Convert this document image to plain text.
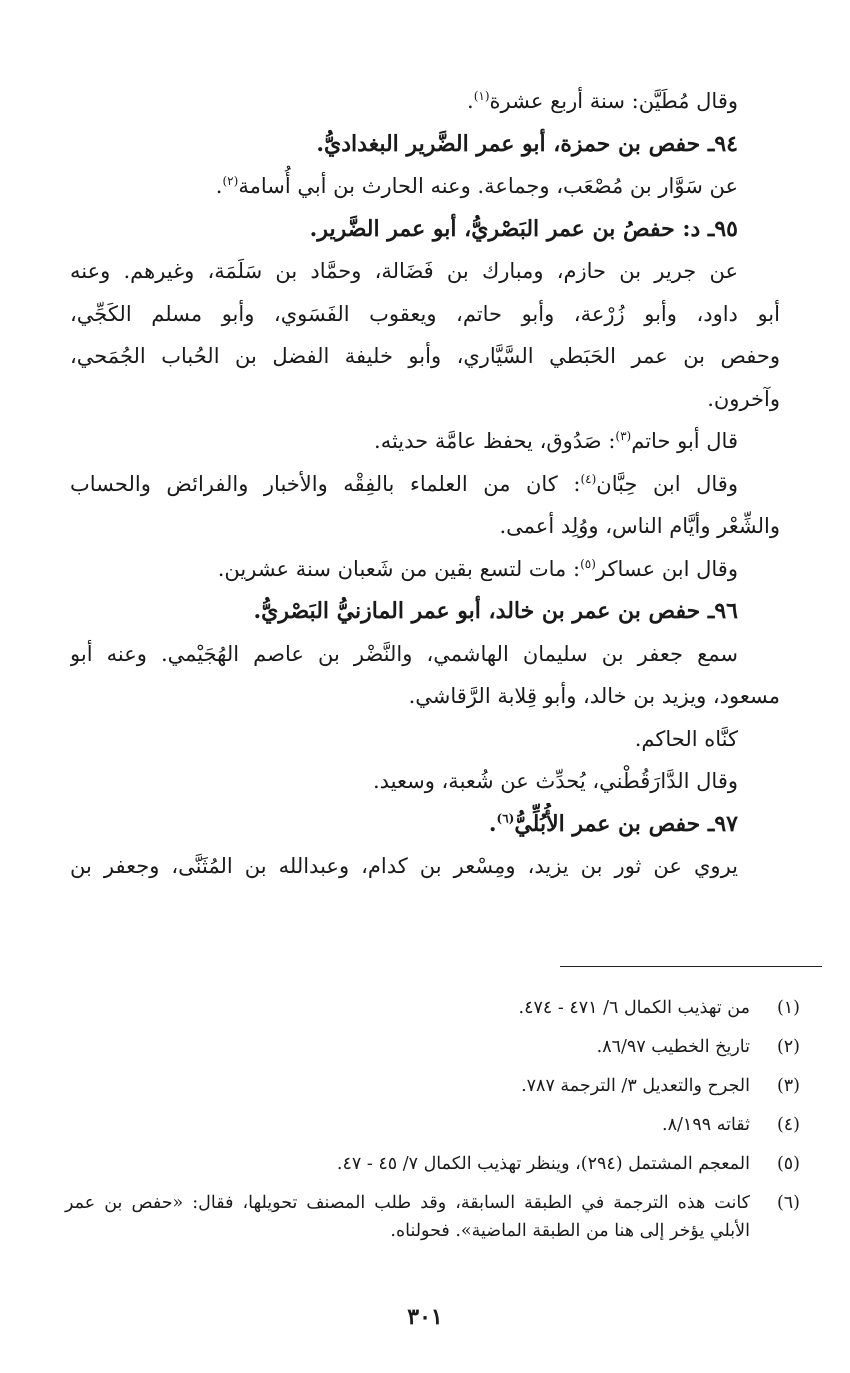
وقال مُطَيَّن: سنة أربع عشرة$^{(١)}$.
٩٤ـ حفص بن حمزة، أبو عمر الضَّرير البغداديُّ.
عن سَوَّار بن مُصْعَب، وجماعة. وعنه الحارث بن أبي أُسامة$^{(٢)}$.
٩٥ـ د: حفصُ بن عمر البَصْريُّ، أبو عمر الضَّرير.
عن جرير بن حازم، ومبارك بن فَضَالة، وحمَّاد بن سَلَمَة، وغيرهم. وعنه
أبو داود، وأبو زُرْعة، وأبو حاتم، ويعقوب الفَسَوي، وأبو مسلم الكَجِّي،
وحفص بن عمر الحَبَطي السَّيَّاري، وأبو خليفة الفضل بن الحُباب الجُمَحي،
وآخرون.
قال أبو حاتم$^{(٣)}$: صَدُوق، يحفظ عامَّة حديثه.
وقال ابن حِبَّان$^{(٤)}$: كان من العلماء بالفِقْه والأخبار والفرائض والحساب
والشِّعْر وأيَّام الناس، ووُلِد أعمى.
وقال ابن عساكر$^{(٥)}$: مات لتسع بقين من شَعبان سنة عشرين.
٩٦ـ حفص بن عمر بن خالد، أبو عمر المازنيُّ البَصْريُّ.
سمع جعفر بن سليمان الهاشمي، والنَّضْر بن عاصم الهُجَيْمي. وعنه أبو
مسعود، ويزيد بن خالد، وأبو قِلابة الرَّقاشي.
كنَّاه الحاكم.
وقال الدَّارَقُطْني، يُحدِّث عن شُعبة، وسعيد.
٩٧ـ حفص بن عمر الأُبُلِّيُّ$^{(٦)}$.
يروي عن ثور بن يزيد، ومِسْعر بن كدام، وعبدالله بن المُثَنَّى، وجعفر بن
(١)
من تهذيب الكمال ٦/ ٤٧١ - ٤٧٤.
(٢)
تاريخ الخطيب ٨٦/٩٧.
(٣)
الجرح والتعديل ٣/ الترجمة ٧٨٧.
(٤)
ثقاته ٨/١٩٩.
(٥)
المعجم المشتمل (٢٩٤)، وينظر تهذيب الكمال ٧/ ٤٥ - ٤٧.
(٦)
كانت هذه الترجمة في الطبقة السابقة، وقد طلب المصنف تحويلها، فقال: «حفص بن عمر الأبلي يؤخر إلى هنا من الطبقة الماضية». فحولناه.
٣٠١
